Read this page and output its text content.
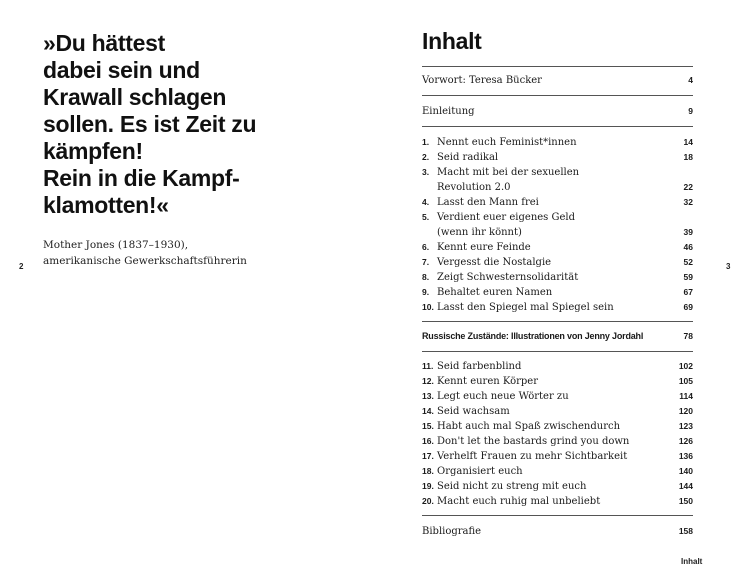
»Du hättest
dabei sein und
Krawall schlagen
sollen. Es ist Zeit zu
kämpfen!
Rein in die Kampf-
klamotten!«
Mother Jones (1837–1930),
amerikanische Gewerkschaftsführerin
2
Inhalt
Vorwort: Teresa Bücker	4
Einleitung	9
1. Nennt euch Feminist*innen	14
2. Seid radikal	18
3. Macht mit bei der sexuellen
Revolution 2.0	22
4. Lasst den Mann frei	32
5. Verdient euer eigenes Geld
(wenn ihr könnt)	39
6. Kennt eure Feinde	46
7. Vergesst die Nostalgie	52
8. Zeigt Schwesternsolidarität	59
9. Behaltet euren Namen	67
10. Lasst den Spiegel mal Spiegel sein	69
Russische Zustände: Illustrationen von Jenny Jordahl	78
11. Seid farbenblind	102
12. Kennt euren Körper	105
13. Legt euch neue Wörter zu	114
14. Seid wachsam	120
15. Habt auch mal Spaß zwischendurch	123
16. Don't let the bastards grind you down	126
17. Verhelft Frauen zu mehr Sichtbarkeit	136
18. Organisiert euch	140
19. Seid nicht zu streng mit euch	144
20. Macht euch ruhig mal unbeliebt	150
Bibliografie	158
3
Inhalt
